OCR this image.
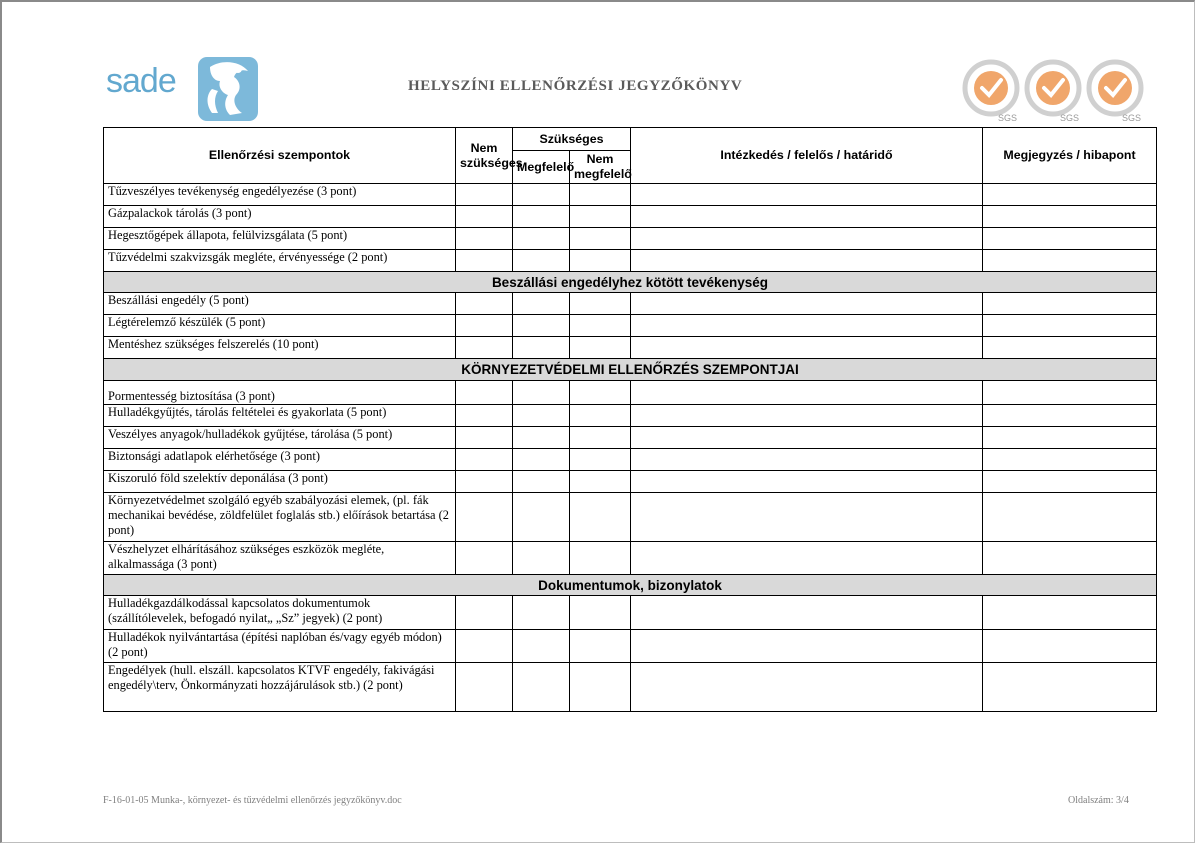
sade	HELYSZÍNI ELLENŐRZÉSI JEGYZŐKÖNYV
SGS	SGS	SGS
Ellenőrzési szempontok	Nem szükséges	Szükséges		Intézkedés / felelős / határidő	Megjegyzés / hibapont
		Megfelelő	Nem megfelelő		
Tűzveszélyes tevékenység engedélyezése (3 pont)					
Gázpalackok tárolás (3 pont)					
Hegesztőgépek állapota, felülvizsgálata (5 pont)					
Tűzvédelmi szakvizsgák megléte, érvényessége (2 pont)					
Beszállási engedélyhez kötött tevékenység					
Beszállási engedély (5 pont)					
Légtérelemző készülék (5 pont)					
Mentéshez szükséges felszerelés (10 pont)					
KÖRNYEZETVÉDELMI ELLENŐRZÉS SZEMPONTJAI					
Pormentesség biztosítása (3 pont)					
Hulladékgyűjtés, tárolás feltételei és gyakorlata (5 pont)					
Veszélyes anyagok/hulladékok gyűjtése, tárolása (5 pont)					
Biztonsági adatlapok elérhetősége (3 pont)					
Kiszoruló föld szelektív deponálása (3 pont)					
Környezetvédelmet szolgáló egyéb szabályozási elemek, (pl. fák mechanikai bevédése, zöldfelület foglalás stb.) előírások betartása (2 pont)					
Vészhelyzet elhárításához szükséges eszközök megléte, alkalmassága (3 pont)					
Dokumentumok, bizonylatok					
Hulladékgazdálkodással kapcsolatos dokumentumok (szállítólevelek, befogadó nyilat„ „Sz” jegyek) (2 pont)					
Hulladékok nyilvántartása (építési naplóban és/vagy egyéb módon) (2 pont)					
Engedélyek (hull. elszáll. kapcsolatos KTVF engedély, fakivágási engedély\terv, Önkormányzati hozzájárulások stb.) (2 pont)					
F-16-01-05 Munka-, környezet- és tűzvédelmi ellenőrzés jegyzőkönyv.doc	Oldalszám: 3/4
